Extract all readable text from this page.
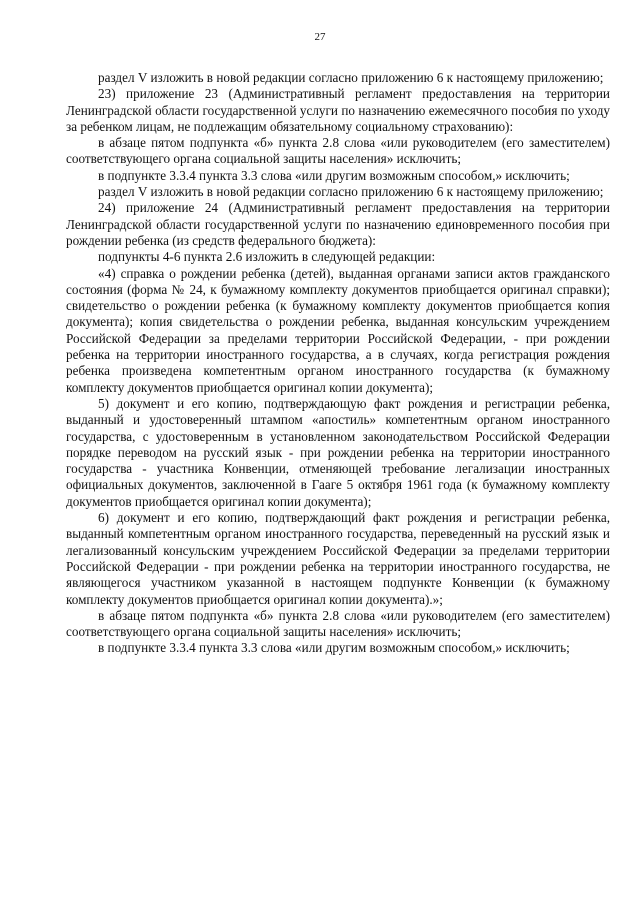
27

раздел V изложить в новой редакции согласно приложению 6 к настоящему приложению;

23) приложение 23 (Административный регламент предоставления на территории Ленинградской области государственной услуги по назначению ежемесячного пособия по уходу за ребенком лицам, не подлежащим обязательному социальному страхованию):

в абзаце пятом подпункта «б» пункта 2.8 слова «или руководителем (его заместителем) соответствующего органа социальной защиты населения» исключить;

в подпункте 3.3.4 пункта 3.3 слова «или другим возможным способом,» исключить;

раздел V изложить в новой редакции согласно приложению 6 к настоящему приложению;

24) приложение 24 (Административный регламент предоставления на территории Ленинградской области государственной услуги по назначению единовременного пособия при рождении ребенка (из средств федерального бюджета):

подпункты 4-6 пункта 2.6 изложить в следующей редакции:

«4) справка о рождении ребенка (детей), выданная органами записи актов гражданского состояния (форма № 24, к бумажному комплекту документов приобщается оригинал справки); свидетельство о рождении ребенка (к бумажному комплекту документов приобщается копия документа); копия свидетельства о рождении ребенка, выданная консульским учреждением Российской Федерации за пределами территории Российской Федерации, - при рождении ребенка на территории иностранного государства, а в случаях, когда регистрация рождения ребенка произведена компетентным органом иностранного государства (к бумажному комплекту документов приобщается оригинал копии документа);

5) документ и его копию, подтверждающую факт рождения и регистрации ребенка, выданный и удостоверенный штампом «апостиль» компетентным органом иностранного государства, с удостоверенным в установленном законодательством Российской Федерации порядке переводом на русский язык - при рождении ребенка на территории иностранного государства - участника Конвенции, отменяющей требование легализации иностранных официальных документов, заключенной в Гааге 5 октября 1961 года (к бумажному комплекту документов приобщается оригинал копии документа);

6) документ и его копию, подтверждающий факт рождения и регистрации ребенка, выданный компетентным органом иностранного государства, переведенный на русский язык и легализованный консульским учреждением Российской Федерации за пределами территории Российской Федерации - при рождении ребенка на территории иностранного государства, не являющегося участником указанной в настоящем подпункте Конвенции (к бумажному комплекту документов приобщается оригинал копии документа).»;

в абзаце пятом подпункта «б» пункта 2.8 слова «или руководителем (его заместителем) соответствующего органа социальной защиты населения» исключить;

в подпункте 3.3.4 пункта 3.3 слова «или другим возможным способом,» исключить;
